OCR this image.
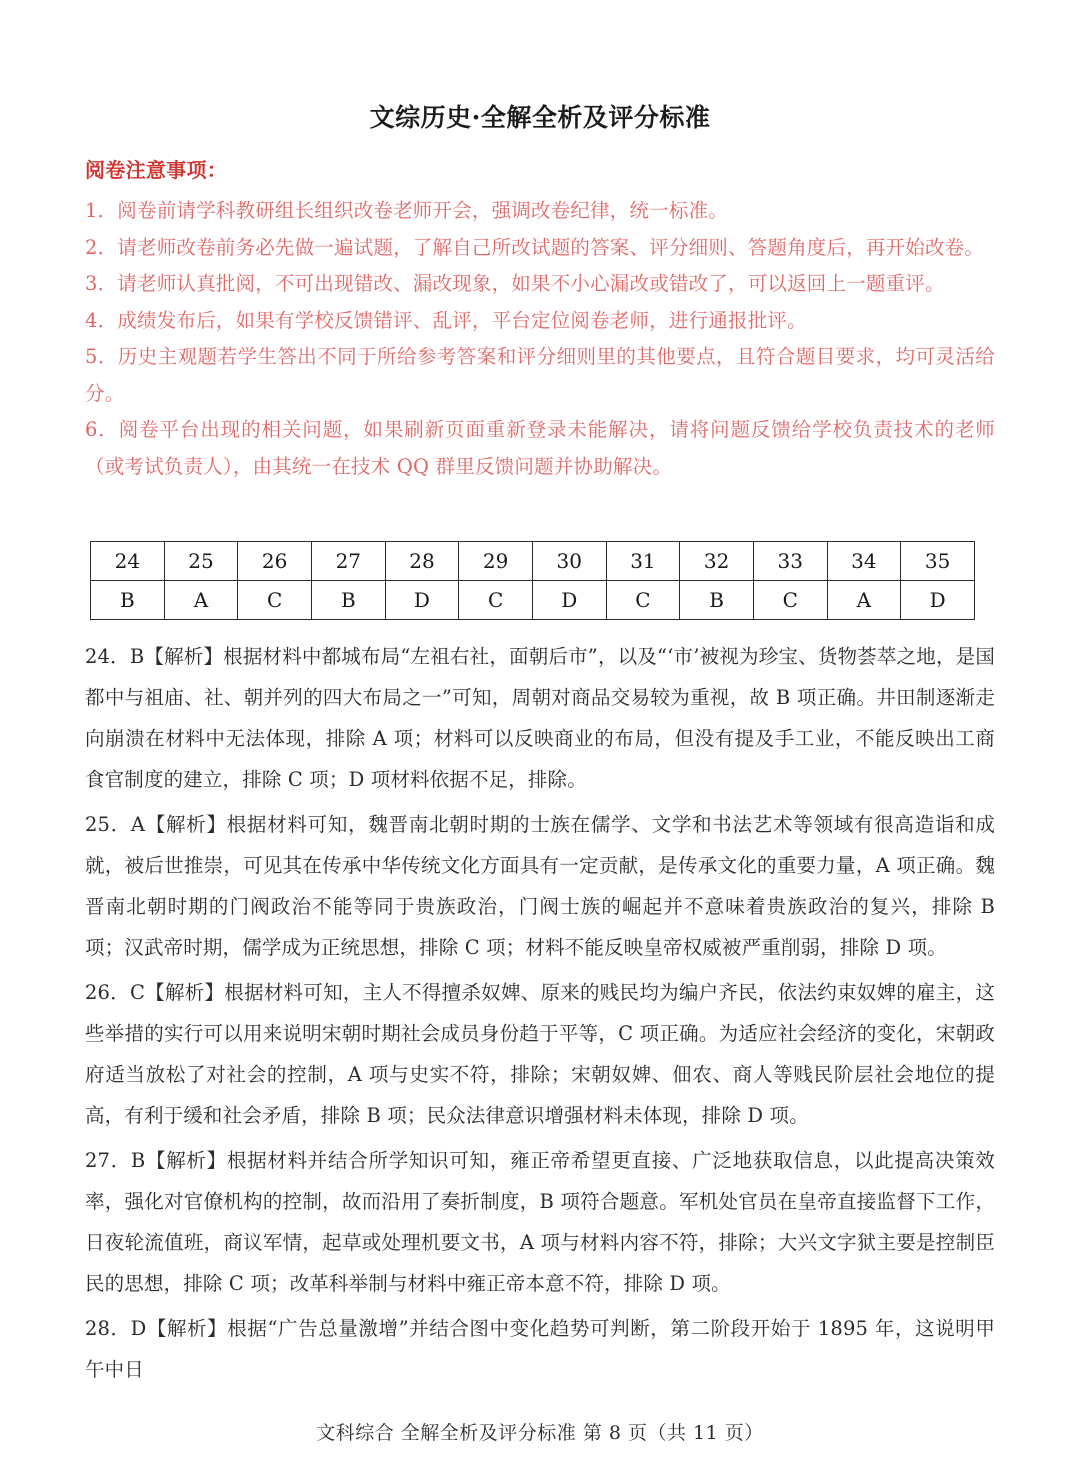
文综历史·全解全析及评分标准

阅卷注意事项：

1．阅卷前请学科教研组长组织改卷老师开会，强调改卷纪律，统一标准。

2．请老师改卷前务必先做一遍试题，了解自己所改试题的答案、评分细则、答题角度后，再开始改卷。

3．请老师认真批阅，不可出现错改、漏改现象，如果不小心漏改或错改了，可以返回上一题重评。

4．成绩发布后，如果有学校反馈错评、乱评，平台定位阅卷老师，进行通报批评。

5．历史主观题若学生答出不同于所给参考答案和评分细则里的其他要点，且符合题目要求，均可灵活给分。

6．阅卷平台出现的相关问题，如果刷新页面重新登录未能解决，请将问题反馈给学校负责技术的老师（或考试负责人），由其统一在技术 QQ 群里反馈问题并协助解决。

24	25	26	27	28	29	30	31	32	33	34	35
B	A	C	B	D	C	D	C	B	C	A	D

24．B【解析】根据材料中都城布局“左祖右社，面朝后市”，以及“‘市’被视为珍宝、货物荟萃之地，是国都中与祖庙、社、朝并列的四大布局之一”可知，周朝对商品交易较为重视，故 B 项正确。井田制逐渐走向崩溃在材料中无法体现，排除 A 项；材料可以反映商业的布局，但没有提及手工业，不能反映出工商食官制度的建立，排除 C 项；D 项材料依据不足，排除。

25．A【解析】根据材料可知，魏晋南北朝时期的士族在儒学、文学和书法艺术等领域有很高造诣和成就，被后世推崇，可见其在传承中华传统文化方面具有一定贡献，是传承文化的重要力量，A 项正确。魏晋南北朝时期的门阀政治不能等同于贵族政治，门阀士族的崛起并不意味着贵族政治的复兴，排除 B 项；汉武帝时期，儒学成为正统思想，排除 C 项；材料不能反映皇帝权威被严重削弱，排除 D 项。

26．C【解析】根据材料可知，主人不得擅杀奴婢、原来的贱民均为编户齐民，依法约束奴婢的雇主，这些举措的实行可以用来说明宋朝时期社会成员身份趋于平等，C 项正确。为适应社会经济的变化，宋朝政府适当放松了对社会的控制，A 项与史实不符，排除；宋朝奴婢、佃农、商人等贱民阶层社会地位的提高，有利于缓和社会矛盾，排除 B 项；民众法律意识增强材料未体现，排除 D 项。

27．B【解析】根据材料并结合所学知识可知，雍正帝希望更直接、广泛地获取信息，以此提高决策效率，强化对官僚机构的控制，故而沿用了奏折制度，B 项符合题意。军机处官员在皇帝直接监督下工作，日夜轮流值班，商议军情，起草或处理机要文书，A 项与材料内容不符，排除；大兴文字狱主要是控制臣民的思想，排除 C 项；改革科举制与材料中雍正帝本意不符，排除 D 项。

28．D【解析】根据“广告总量激增”并结合图中变化趋势可判断，第二阶段开始于 1895 年，这说明甲午中日

文科综合 全解全析及评分标准 第 8 页（共 11 页）
